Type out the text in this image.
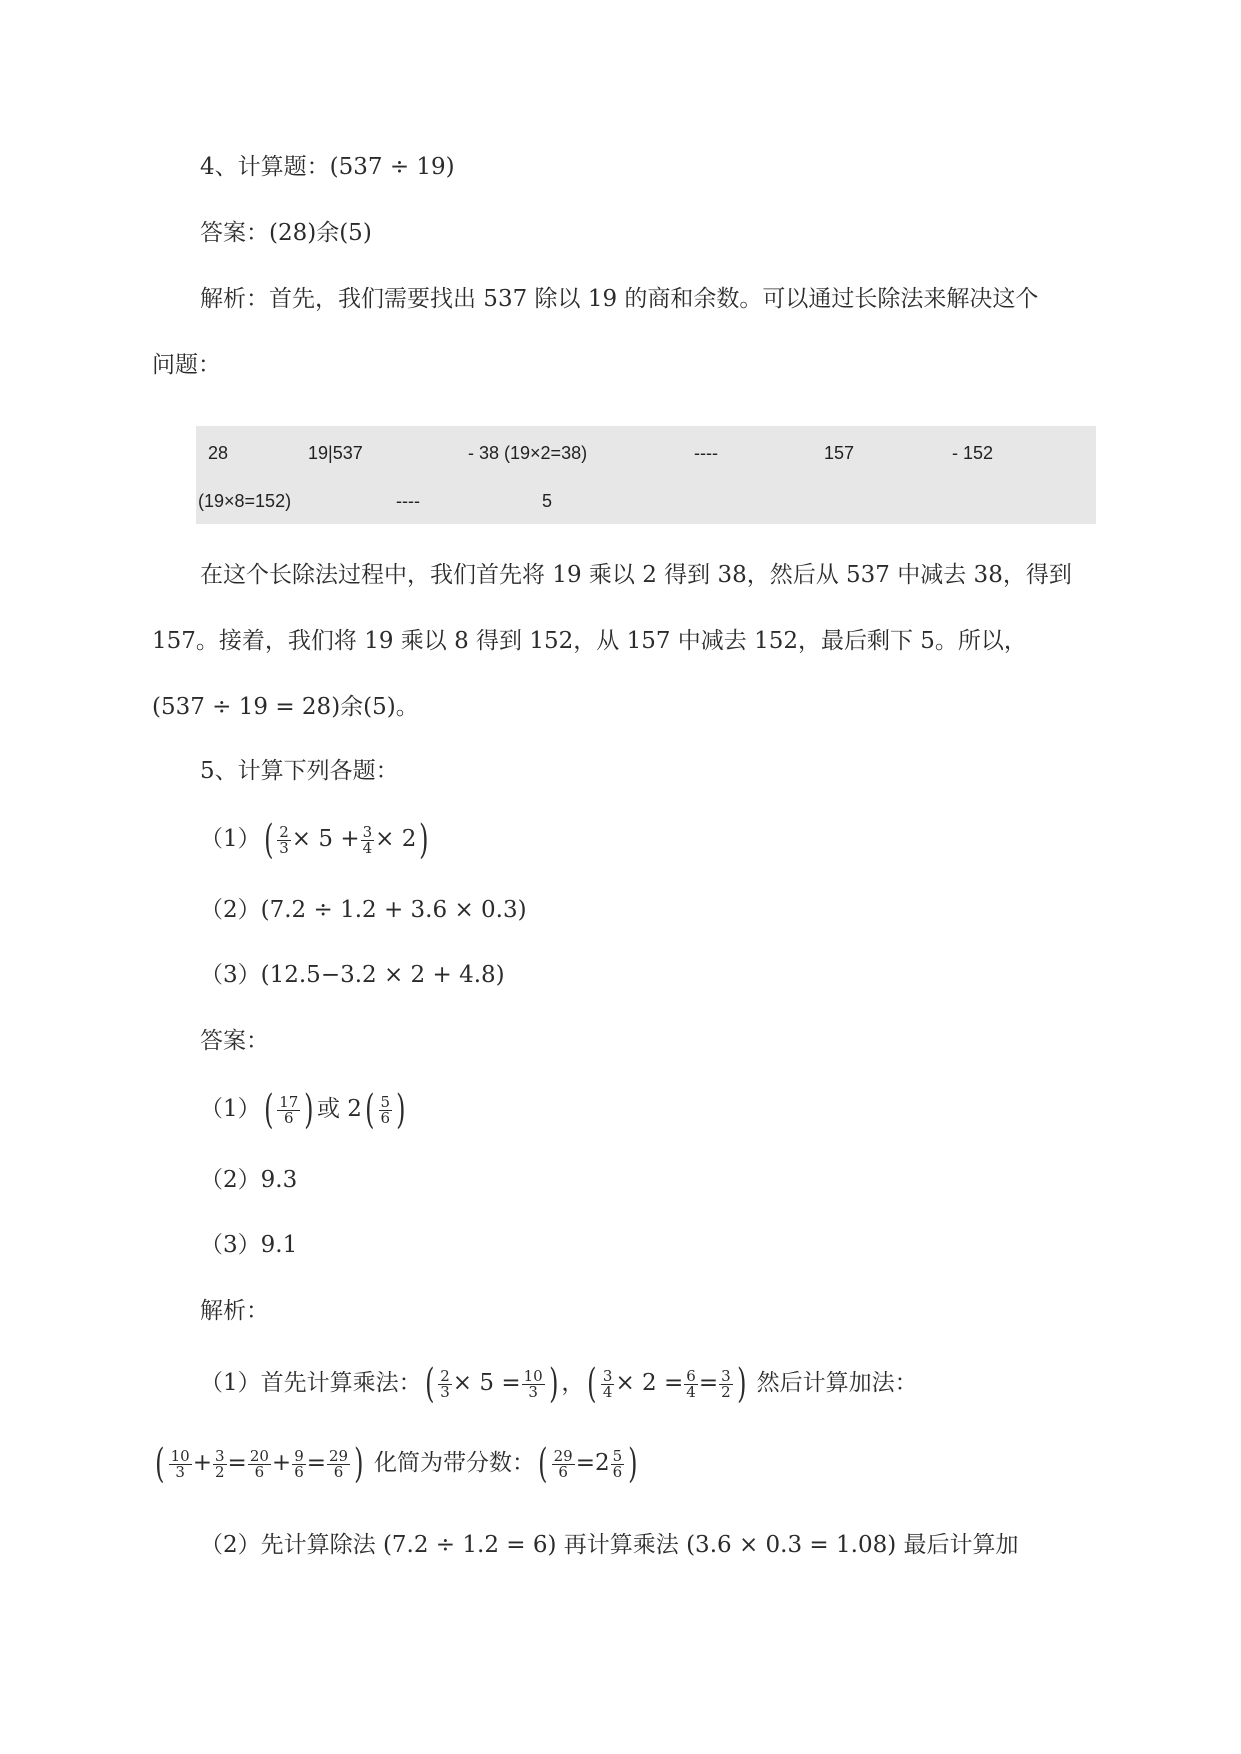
4、计算题：(537 ÷ 19)
答案：(28)余(5)
解析：首先，我们需要找出 537 除以 19 的商和余数。可以通过长除法来解决这个
问题：
28	19|537	- 38 (19×2=38)	----	157	- 152
(19×8=152)	----	5
在这个长除法过程中，我们首先将 19 乘以 2 得到 38，然后从 537 中减去 38，得到
157。接着，我们将 19 乘以 8 得到 152，从 157 中减去 152，最后剩下 5。所以，
(537 ÷ 19 = 28)余(5)。
5、计算下列各题：
$(1)( \frac{2}{3} \times 5 + \frac{3}{4} \times 2)$
（2）(7.2 ÷ 1.2 + 3.6 × 0.3)
（3）(12.5−3.2 × 2 + 4.8)
答案：
$(1)( \frac{17}{6}$ ) 或 $2( \frac{5}{6}$ )
（2）9.3
（3）9.1
解析：
（1）首先计算乘法：( $\frac{2}{3} \times 5 = \frac{10}{3}$ ) ，( $\frac{3}{4} \times 2 = \frac{6}{4} = \frac{3}{2}$ ) 然后计算加法：
( $\frac{10}{3} + \frac{3}{2} = \frac{20}{6} + \frac{9}{6} = \frac{29}{6}$ ) 化简为带分数：( $\frac{29}{6} =2 \frac{5}{6}$ )
（2）先计算除法 (7.2 ÷ 1.2 = 6) 再计算乘法 (3.6 × 0.3 = 1.08) 最后计算加
